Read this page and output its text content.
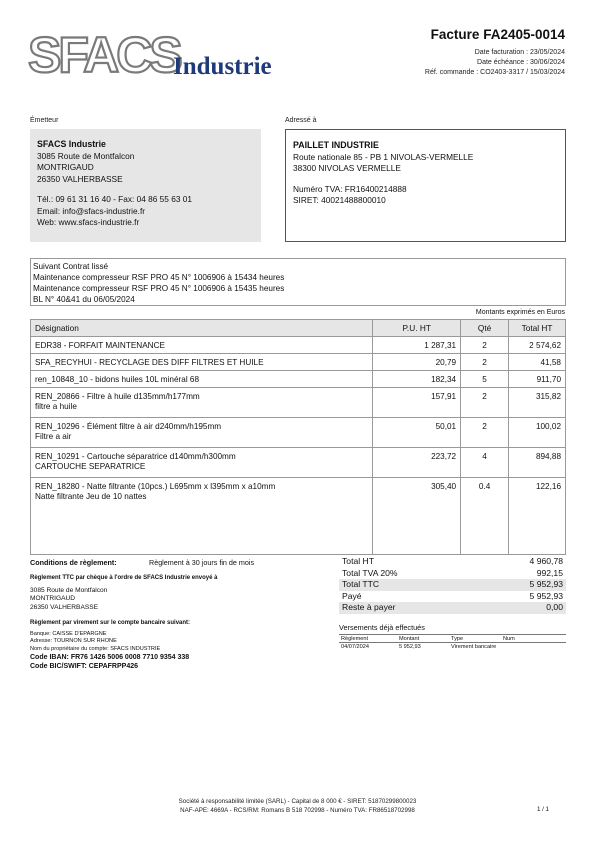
SFACS
Industrie
Facture FA2405-0014
Date facturation : 23/05/2024
Date échéance : 30/06/2024
Réf. commande : CO2403-3317 / 15/03/2024
Émetteur	Adressé à
SFACS Industrie
3085 Route de Montfalcon
MONTRIGAUD
26350 VALHERBASSE
Tél.: 09 61 31 16 40 - Fax: 04 86 55 63 01
Email: info@sfacs-industrie.fr
Web: www.sfacs-industrie.fr
PAILLET INDUSTRIE
Route nationale 85 - PB 1 NIVOLAS-VERMELLE
38300 NIVOLAS VERMELLE
Numéro TVA: FR16400214888
SIRET: 40021488800010
Suivant Contrat lissé
Maintenance compresseur RSF PRO 45 N° 1006906 à 15434 heures
Maintenance compresseur RSF PRO 45 N° 1006906 à 15435 heures
BL N° 40&41 du 06/05/2024
Montants exprimés en Euros
Désignation	P.U. HT	Qté	Total HT

EDR38 - FORFAIT MAINTENANCE	1 287,31	2	2 574,62

SFA_RECYHUI - RECYCLAGE DES DIFF FILTRES ET HUILE	20,79	2	41,58

ren_10848_10 - bidons huiles 10L minéral 68	182,34	5	911,70

REN_20866 - Filtre à huile d135mm/h177mm
filtre a huile	157,91	2	315,82

REN_10296 - Élément filtre à air d240mm/h195mm
Filtre a air	50,01	2	100,02

REN_10291 - Cartouche séparatrice d140mm/h300mm
CARTOUCHE SEPARATRICE	223,72	4	894,88

REN_18280 - Natte filtrante (10pcs.) L695mm x l395mm x a10mm
Natte filtrante Jeu de 10 nattes	305,40	0.4	122,16
Conditions de règlement:	Règlement à 30 jours fin de mois
Règlement TTC par chèque à l'ordre de SFACS Industrie envoyé à
3085 Route de Montfalcon
MONTRIGAUD
26350 VALHERBASSE
Règlement par virement sur le compte bancaire suivant:
Banque: CAISSE D'EPARGNE
Adresse: TOURNON SUR RHONE
Nom du propriétaire du compte: SFACS INDUSTRIE
Code IBAN: FR76 1426 5006 0008 7710 9354 338
Code BIC/SWIFT: CEPAFRPP426
Total HT	4 960,78
Total TVA 20%	992,15
Total TTC	5 952,93
Payé	5 952,93
Reste à payer	0,00
Versements déjà effectués
Règlement	Montant	Type	Num
04/07/2024	5 952,93	Virement bancaire
Société à responsabilité limitée (SARL) - Capital de 8 000 € - SIRET: 51870299800023
NAF-APE: 4669A - RCS/RM: Romans B 518 702998 - Numéro TVA: FR86518702998	1 / 1
